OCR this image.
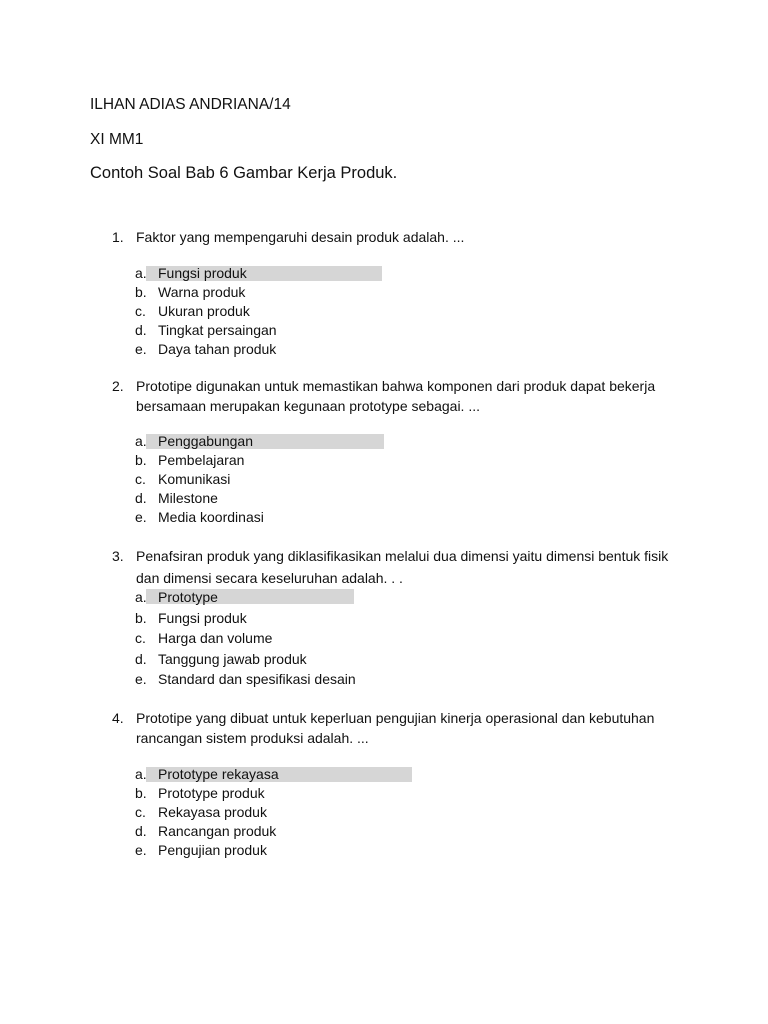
ILHAN ADIAS ANDRIANA/14

XI MM1

Contoh Soal Bab 6 Gambar Kerja Produk.

1. Faktor yang mempengaruhi desain produk adalah. ...
a. Fungsi produk
b. Warna produk
c. Ukuran produk
d. Tingkat persaingan
e. Daya tahan produk
2. Prototipe digunakan untuk memastikan bahwa komponen dari produk dapat bekerja bersamaan merupakan kegunaan prototype sebagai. ...
a. Penggabungan
b. Pembelajaran
c. Komunikasi
d. Milestone
e. Media koordinasi
3. Penafsiran produk yang diklasifikasikan melalui dua dimensi yaitu dimensi bentuk fisik dan dimensi secara keseluruhan adalah. . .
a. Prototype
b. Fungsi produk
c. Harga dan volume
d. Tanggung jawab produk
e. Standard dan spesifikasi desain
4. Prototipe yang dibuat untuk keperluan pengujian kinerja operasional dan kebutuhan rancangan sistem produksi adalah. ...
a. Prototype rekayasa
b. Prototype produk
c. Rekayasa produk
d. Rancangan produk
e. Pengujian produk
